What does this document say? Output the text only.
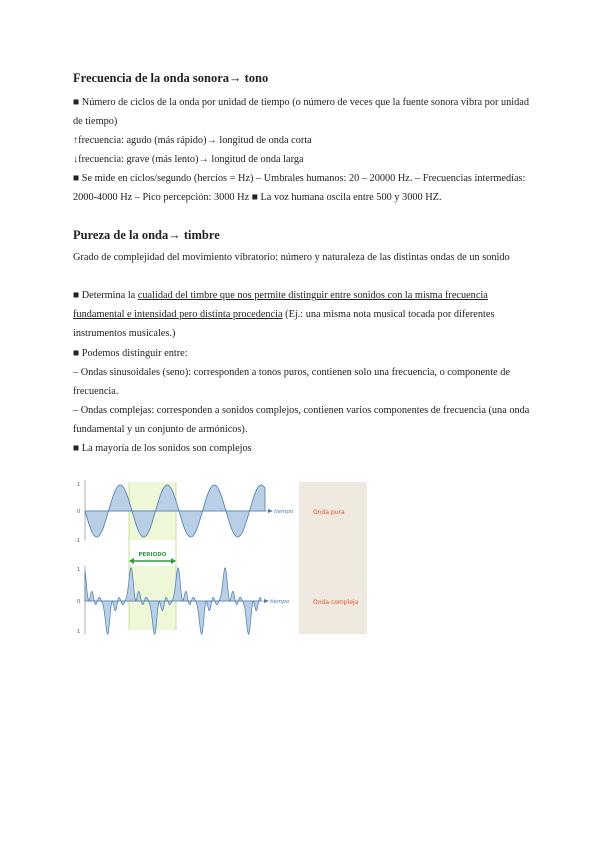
Frecuencia de la onda sonora→ tono

■ Número de ciclos de la onda por unidad de tiempo (o número de veces que la fuente sonora vibra por unidad de tiempo)

↑frecuencia: agudo (más rápido)→ longitud de onda corta

↓frecuencia: grave (más lento)→ longitud de onda larga

■ Se mide en ciclos/segundo (hercios = Hz) – Umbrales humanos: 20 – 20000 Hz. – Frecuencias intermedias: 2000-4000 Hz – Pico percepción: 3000 Hz ■ La voz humana oscila entre 500 y 3000 HZ.

Pureza de la onda→ timbre

Grado de complejidad del movimiento vibratorio: número y naturaleza de las distintas ondas de un sonido

■ Determina la cualidad del timbre que nos permite distinguir entre sonidos con la misma frecuencia fundamental e intensidad pero distinta procedencia (Ej.: una misma nota musical tocada por diferentes instrumentos musicales.)

■ Podemos distinguir entre:

– Ondas sinusoidales (seno): corresponden a tonos puros, contienen solo una frecuencia, o componente de frecuencia.

– Ondas complejas: corresponden a sonidos complejos, contienen varios componentes de frecuencia (una onda fundamental y un conjunto de armónicos).

■ La mayoría de los sonidos son complejos

Onda pura
Onda compleja
PERIODO
1
0
-1
1
0
1
tiempo
tiempo
